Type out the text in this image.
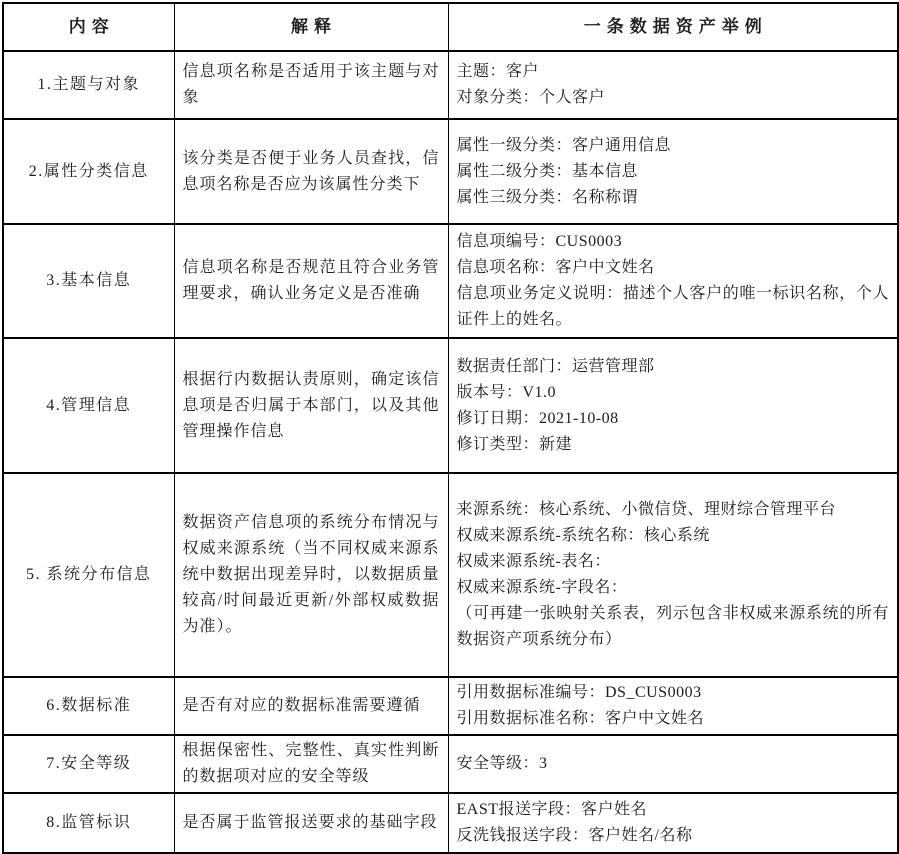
内容	解释	一条数据资产举例
1.主题与对象	信息项名称是否适用于该主题与对象	主题：客户
对象分类：个人客户

2.属性分类信息	该分类是否便于业务人员查找，信息项名称是否应为该属性分类下	属性一级分类：客户通用信息
属性二级分类：基本信息
属性三级分类：名称称谓

3.基本信息	信息项名称是否规范且符合业务管理要求，确认业务定义是否准确	信息项编号：CUS0003
信息项名称：客户中文姓名
信息项业务定义说明：描述个人客户的唯一标识名称，个人证件上的姓名。

4.管理信息	根据行内数据认责原则，确定该信息项是否归属于本部门，以及其他管理操作信息	数据责任部门：运营管理部
版本号：V1.0
修订日期：2021-10-08
修订类型：新建

5. 系统分布信息	数据资产信息项的系统分布情况与权威来源系统（当不同权威来源系统中数据出现差异时，以数据质量较高/时间最近更新/外部权威数据为准）。	来源系统：核心系统、小微信贷、理财综合管理平台
权威来源系统-系统名称：核心系统
权威来源系统-表名：
权威来源系统-字段名：
（可再建一张映射关系表，列示包含非权威来源系统的所有数据资产项系统分布）

6.数据标准	是否有对应的数据标准需要遵循	引用数据标准编号：DS_CUS0003
引用数据标准名称：客户中文姓名

7.安全等级	根据保密性、完整性、真实性判断的数据项对应的安全等级	安全等级：3

8.监管标识	是否属于监管报送要求的基础字段	EAST报送字段：客户姓名
反洗钱报送字段：客户姓名/名称
